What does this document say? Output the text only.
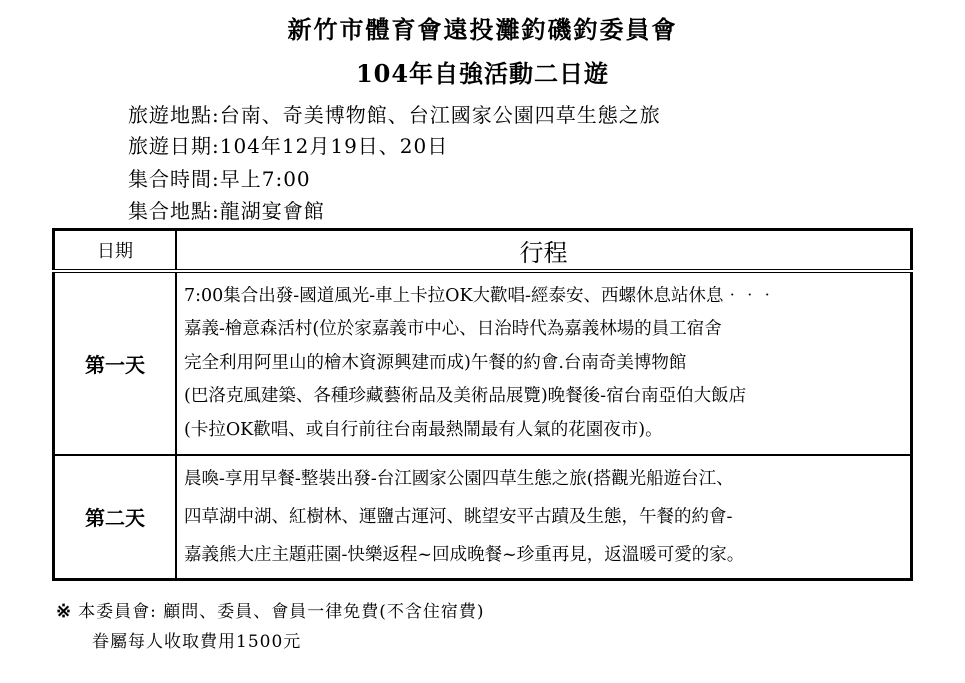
新竹市體育會遠投灘釣磯釣委員會
104年自強活動二日遊
旅遊地點:台南、奇美博物館、台江國家公園四草生態之旅
旅遊日期:104年12月19日、20日
集合時間:早上7:00
集合地點:龍湖宴會館
日期	行程
第一天	7:00集合出發-國道風光-車上卡拉OK大歡唱-經泰安、西螺休息站休息‧‧‧
嘉義-檜意森活村(位於家嘉義市中心、日治時代為嘉義林場的員工宿舍
完全利用阿里山的檜木資源興建而成)午餐的約會.台南奇美博物館
(巴洛克風建築、各種珍藏藝術品及美術品展覽)晚餐後-宿台南亞伯大飯店
(卡拉OK歡唱、或自行前往台南最熱鬧最有人氣的花園夜市)。

第二天	晨喚-享用早餐-整裝出發-台江國家公園四草生態之旅(搭觀光船遊台江、
四草湖中湖、紅樹林、運鹽古運河、眺望安平古蹟及生態，午餐的約會-
嘉義熊大庄主題莊園-快樂返程~回成晚餐~珍重再見，返溫暖可愛的家。
※ 本委員會: 顧問、委員、會員一律免費(不含住宿費)
眷屬每人收取費用1500元
